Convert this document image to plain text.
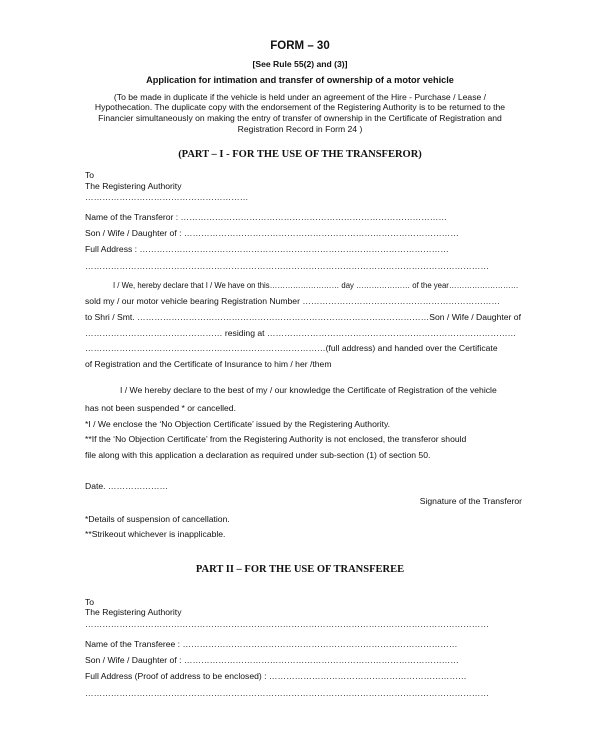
FORM – 30
[See Rule 55(2) and (3)]
Application for intimation and transfer of ownership of a motor vehicle
(To be made in duplicate if the vehicle is held under an agreement of the Hire - Purchase / Lease /
Hypothecation. The duplicate copy with the endorsement of the Registering Authority is to be returned to the
Financier simultaneously on making the entry of transfer of ownership in the Certificate of Registration and
Registration Record in Form 24 )
(PART – I - FOR THE USE OF THE TRANSFEROR)
To
The Registering Authority
…………………………………………………
Name of the Transferor : …………………………………………………………………………………
Son / Wife / Daughter of : ……………………………………………………………………………………
Full Address : ………………………………………………………………………………………………
……………………………………………………………………………………………………………………………
I / We, hereby declare that I / We have on this……………………… day ………………… of the year………………………
sold my / our motor vehicle bearing Registration Number ……………………………………………………………
to Shri / Smt. …………………………………………………………………………………………Son / Wife / Daughter of
………………………………………… residing at ……………………………………………………………………………
…………………………………………………………………………(full address) and handed over the Certificate
of Registration and the Certificate of Insurance to him / her /them
I / We hereby declare to the best of my / our knowledge the Certificate of Registration of the vehicle
has not been suspended * or cancelled.
*I / We enclose the ‘No Objection Certificate’ issued by the Registering Authority.
**If the ‘No Objection Certificate’ from the Registering Authority is not enclosed, the transferor should
file along with this application a declaration as required under sub-section (1) of section 50.
Date. …………………
Signature of the Transferor
*Details of suspension of cancellation.
**Strikeout whichever is inapplicable.
PART II – FOR THE USE OF TRANSFEREE
To
The Registering Authority
……………………………………………………………………………………………………………………………
Name of the Transferee : ……………………………………………………………………………………
Son / Wife / Daughter of : ……………………………………………………………………………………
Full Address (Proof of address to be enclosed) : ……………………………………………………………
……………………………………………………………………………………………………………………………
